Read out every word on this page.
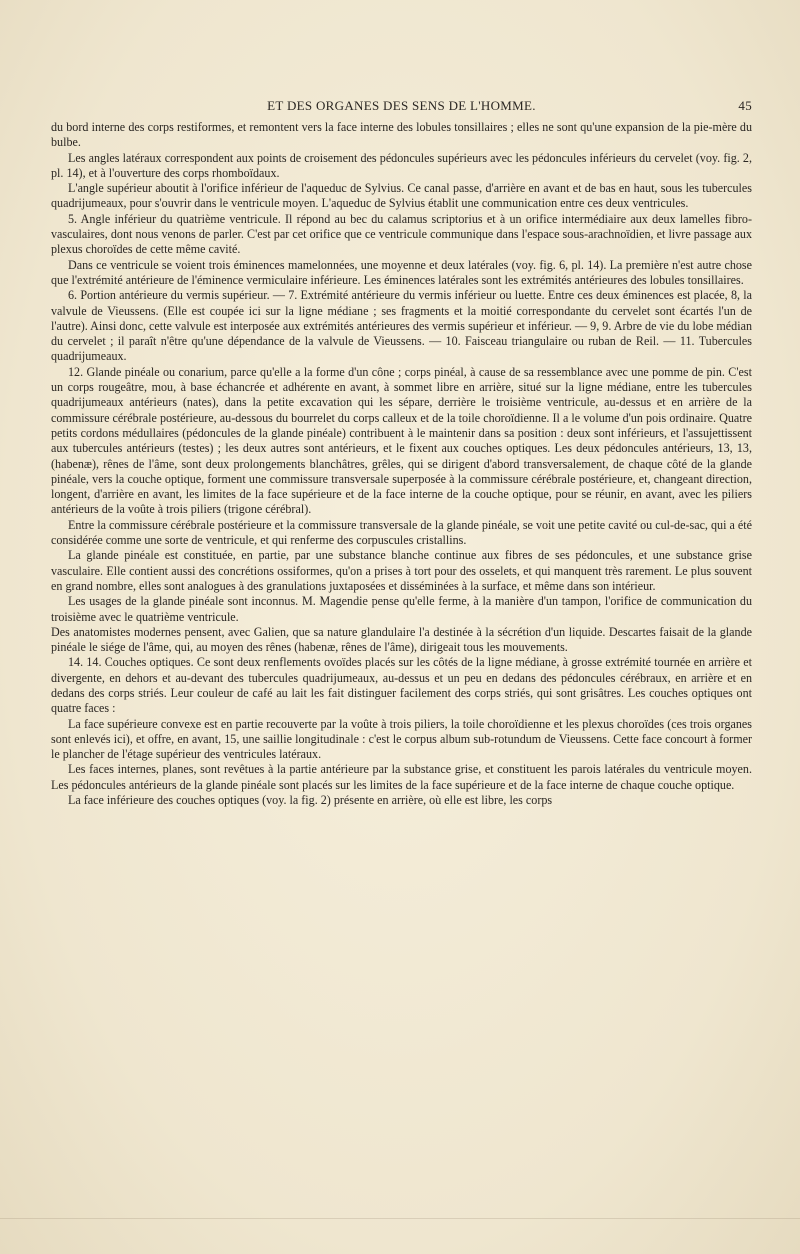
ET DES ORGANES DES SENS DE L'HOMME.	45

du bord interne des corps restiformes, et remontent vers la face interne des lobules tonsillaires ; elles ne sont qu'une expansion de la pie-mère du bulbe.

Les angles latéraux correspondent aux points de croisement des pédoncules supérieurs avec les pédoncules inférieurs du cervelet (voy. fig. 2, pl. 14), et à l'ouverture des corps rhomboïdaux.

L'angle supérieur aboutit à l'orifice inférieur de l'aqueduc de Sylvius. Ce canal passe, d'arrière en avant et de bas en haut, sous les tubercules quadrijumeaux, pour s'ouvrir dans le ventricule moyen. L'aqueduc de Sylvius établit une communication entre ces deux ventricules.

5. Angle inférieur du quatrième ventricule. Il répond au bec du calamus scriptorius et à un orifice intermédiaire aux deux lamelles fibro-vasculaires, dont nous venons de parler. C'est par cet orifice que ce ventricule communique dans l'espace sous-arachnoïdien, et livre passage aux plexus choroïdes de cette même cavité.

Dans ce ventricule se voient trois éminences mamelonnées, une moyenne et deux latérales (voy. fig. 6, pl. 14). La première n'est autre chose que l'extrémité antérieure de l'éminence vermiculaire inférieure. Les éminences latérales sont les extrémités antérieures des lobules tonsillaires.

6. Portion antérieure du vermis supérieur. — 7. Extrémité antérieure du vermis inférieur ou luette. Entre ces deux éminences est placée, 8, la valvule de Vieussens. (Elle est coupée ici sur la ligne médiane ; ses fragments et la moitié correspondante du cervelet sont écartés l'un de l'autre). Ainsi donc, cette valvule est interposée aux extrémités antérieures des vermis supérieur et inférieur. — 9, 9. Arbre de vie du lobe médian du cervelet ; il paraît n'être qu'une dépendance de la valvule de Vieussens. — 10. Faisceau triangulaire ou ruban de Reil. — 11. Tubercules quadrijumeaux.

12. Glande pinéale ou conarium, parce qu'elle a la forme d'un cône ; corps pinéal, à cause de sa ressemblance avec une pomme de pin. C'est un corps rougeâtre, mou, à base échancrée et adhérente en avant, à sommet libre en arrière, situé sur la ligne médiane, entre les tubercules quadrijumeaux antérieurs (nates), dans la petite excavation qui les sépare, derrière le troisième ventricule, au-dessus et en arrière de la commissure cérébrale postérieure, au-dessous du bourrelet du corps calleux et de la toile choroïdienne. Il a le volume d'un pois ordinaire. Quatre petits cordons médullaires (pédoncules de la glande pinéale) contribuent à le maintenir dans sa position : deux sont inférieurs, et l'assujettissent aux tubercules antérieurs (testes) ; les deux autres sont antérieurs, et le fixent aux couches optiques. Les deux pédoncules antérieurs, 13, 13, (habenæ), rênes de l'âme, sont deux prolongements blanchâtres, grêles, qui se dirigent d'abord transversalement, de chaque côté de la glande pinéale, vers la couche optique, forment une commissure transversale superposée à la commissure cérébrale postérieure, et, changeant direction, longent, d'arrière en avant, les limites de la face supérieure et de la face interne de la couche optique, pour se réunir, en avant, avec les piliers antérieurs de la voûte à trois piliers (trigone cérébral).

Entre la commissure cérébrale postérieure et la commissure transversale de la glande pinéale, se voit une petite cavité ou cul-de-sac, qui a été considérée comme une sorte de ventricule, et qui renferme des corpuscules cristallins.

La glande pinéale est constituée, en partie, par une substance blanche continue aux fibres de ses pédoncules, et une substance grise vasculaire. Elle contient aussi des concrétions ossiformes, qu'on a prises à tort pour des osselets, et qui manquent très rarement. Le plus souvent en grand nombre, elles sont analogues à des granulations juxtaposées et disséminées à la surface, et même dans son intérieur.

Les usages de la glande pinéale sont inconnus. M. Magendie pense qu'elle ferme, à la manière d'un tampon, l'orifice de communication du troisième avec le quatrième ventricule.

Des anatomistes modernes pensent, avec Galien, que sa nature glandulaire l'a destinée à la sécrétion d'un liquide. Descartes faisait de la glande pinéale le siége de l'âme, qui, au moyen des rênes (habenæ, rênes de l'âme), dirigeait tous les mouvements.

14. 14. Couches optiques. Ce sont deux renflements ovoïdes placés sur les côtés de la ligne médiane, à grosse extrémité tournée en arrière et divergente, en dehors et au-devant des tubercules quadrijumeaux, au-dessus et un peu en dedans des pédoncules cérébraux, en arrière et en dedans des corps striés. Leur couleur de café au lait les fait distinguer facilement des corps striés, qui sont grisâtres. Les couches optiques ont quatre faces :

La face supérieure convexe est en partie recouverte par la voûte à trois piliers, la toile choroïdienne et les plexus choroïdes (ces trois organes sont enlevés ici), et offre, en avant, 15, une saillie longitudinale : c'est le corpus album sub-rotundum de Vieussens. Cette face concourt à former le plancher de l'étage supérieur des ventricules latéraux.

Les faces internes, planes, sont revêtues à la partie antérieure par la substance grise, et constituent les parois latérales du ventricule moyen. Les pédoncules antérieurs de la glande pinéale sont placés sur les limites de la face supérieure et de la face interne de chaque couche optique.

La face inférieure des couches optiques (voy. la fig. 2) présente en arrière, où elle est libre, les corps
